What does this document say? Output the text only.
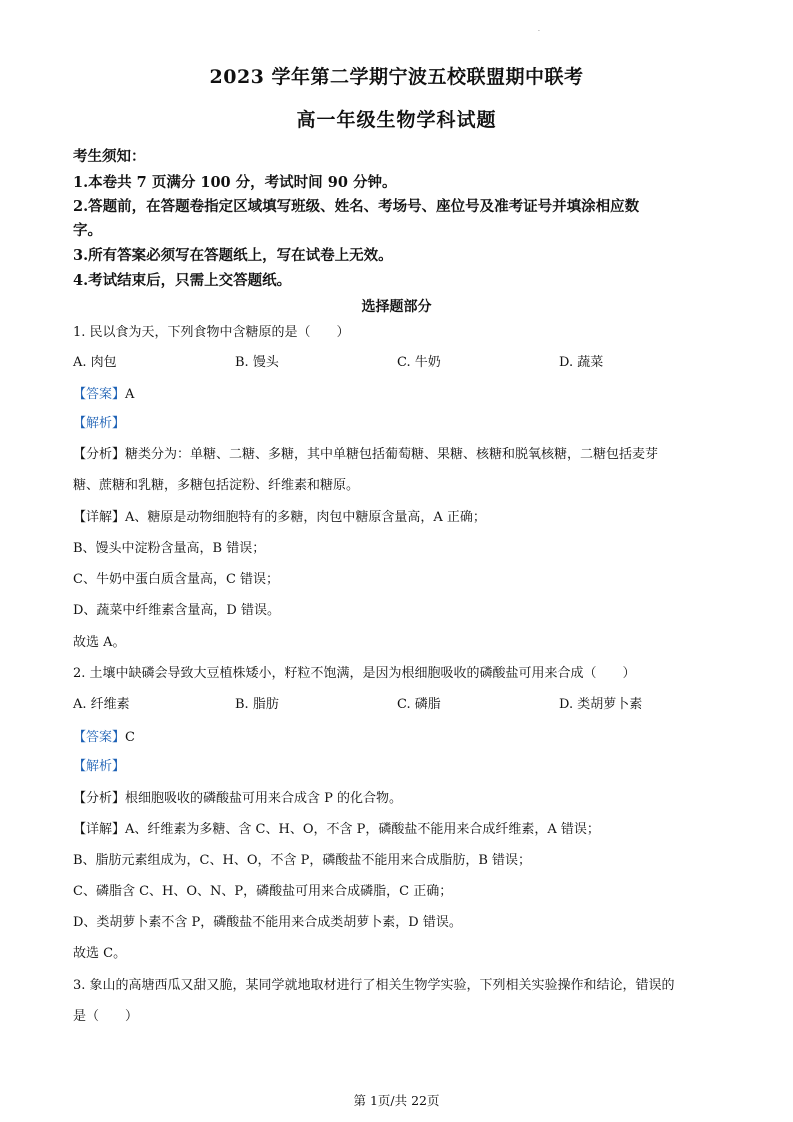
·
2023 学年第二学期宁波五校联盟期中联考
高一年级生物学科试题
考生须知：
1.本卷共 7 页满分 100 分，考试时间 90 分钟。
2.答题前，在答题卷指定区域填写班级、姓名、考场号、座位号及准考证号并填涂相应数
字。
3.所有答案必须写在答题纸上，写在试卷上无效。
4.考试结束后，只需上交答题纸。
选择题部分
1. 民以食为天，下列食物中含糖原的是（　　）
A. 肉包	B. 馒头	C. 牛奶	D. 蔬菜
【答案】A
【解析】
【分析】糖类分为：单糖、二糖、多糖，其中单糖包括葡萄糖、果糖、核糖和脱氧核糖，二糖包括麦芽
糖、蔗糖和乳糖，多糖包括淀粉、纤维素和糖原。
【详解】A、糖原是动物细胞特有的多糖，肉包中糖原含量高，A 正确；
B、馒头中淀粉含量高，B 错误；
C、牛奶中蛋白质含量高，C 错误；
D、蔬菜中纤维素含量高，D 错误。
故选 A。
2. 土壤中缺磷会导致大豆植株矮小，籽粒不饱满，是因为根细胞吸收的磷酸盐可用来合成（　　）
A. 纤维素	B. 脂肪	C. 磷脂	D. 类胡萝卜素
【答案】C
【解析】
【分析】根细胞吸收的磷酸盐可用来合成含 P 的化合物。
【详解】A、纤维素为多糖、含 C、H、O，不含 P，磷酸盐不能用来合成纤维素，A 错误；
B、脂肪元素组成为，C、H、O，不含 P，磷酸盐不能用来合成脂肪，B 错误；
C、磷脂含 C、H、O、N、P，磷酸盐可用来合成磷脂，C 正确；
D、类胡萝卜素不含 P，磷酸盐不能用来合成类胡萝卜素，D 错误。
故选 C。
3. 象山的高塘西瓜又甜又脆，某同学就地取材进行了相关生物学实验，下列相关实验操作和结论，错误的
是（　　）
第 1页/共 22页
